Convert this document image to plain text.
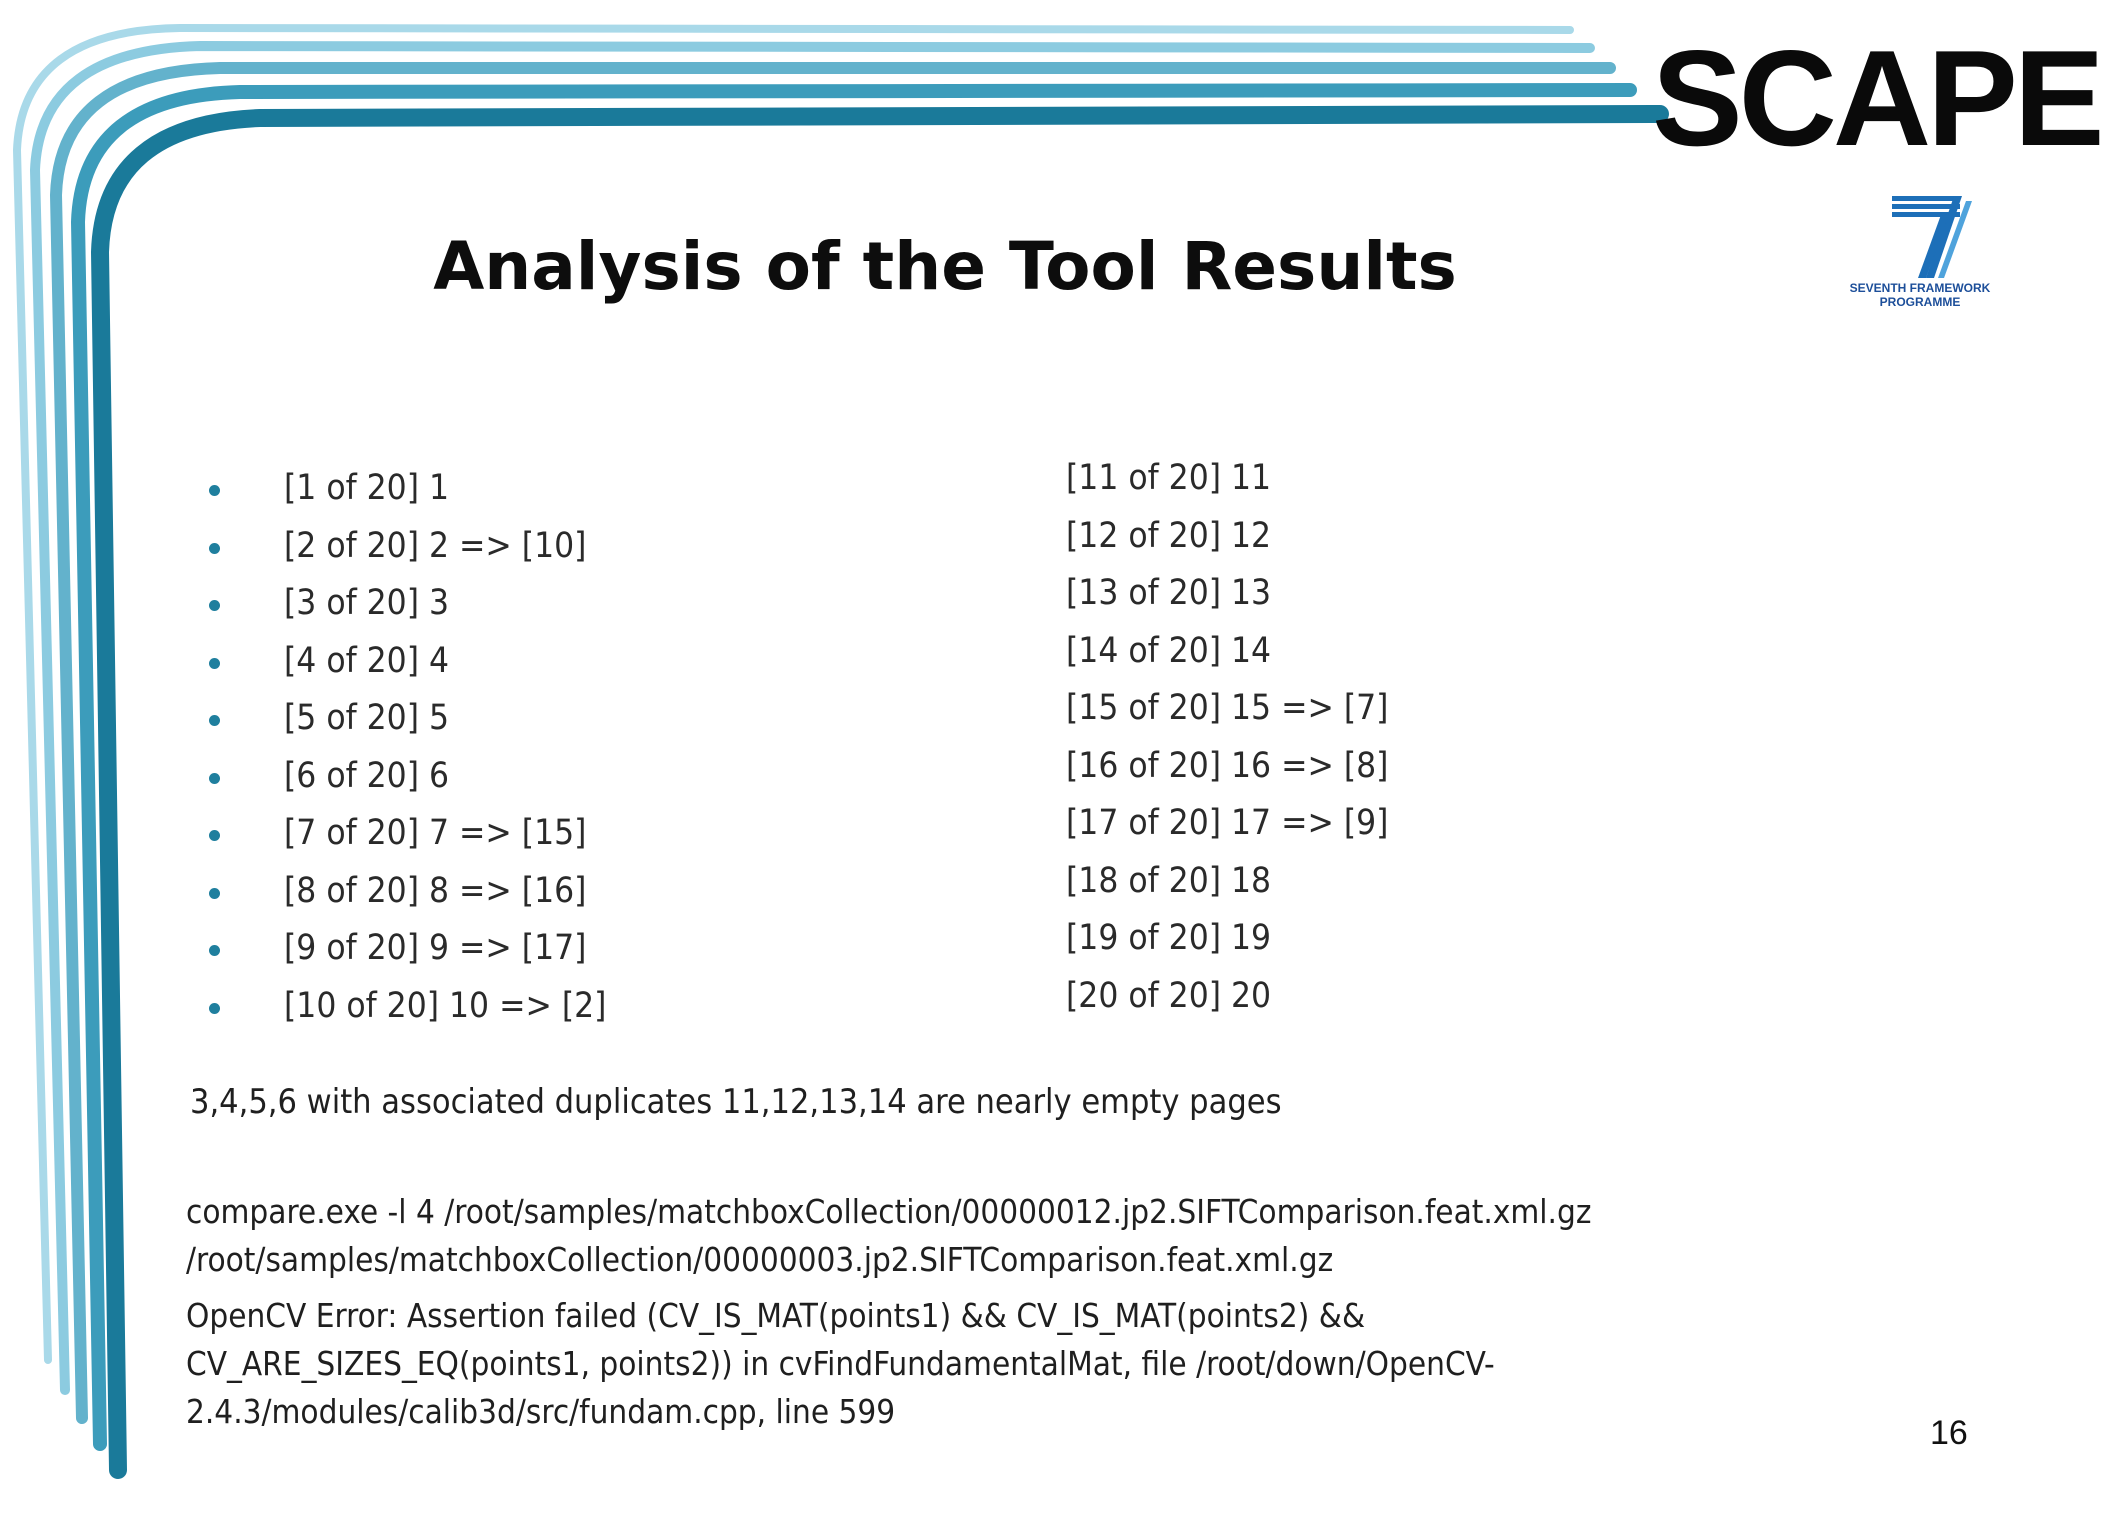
SCAPE
SEVENTH FRAMEWORK
PROGRAMME
Analysis of the Tool Results
[1 of 20] 1
[2 of 20] 2 => [10]
[3 of 20] 3
[4 of 20] 4
[5 of 20] 5
[6 of 20] 6
[7 of 20] 7 => [15]
[8 of 20] 8 => [16]
[9 of 20] 9 => [17]
[10 of 20] 10 => [2]
[11 of 20] 11
[12 of 20] 12
[13 of 20] 13
[14 of 20] 14
[15 of 20] 15 => [7]
[16 of 20] 16 => [8]
[17 of 20] 17 => [9]
[18 of 20] 18
[19 of 20] 19
[20 of 20] 20
3,4,5,6 with associated duplicates 11,12,13,14 are nearly empty pages
compare.exe -l 4 /root/samples/matchboxCollection/00000012.jp2.SIFTComparison.feat.xml.gz
/root/samples/matchboxCollection/00000003.jp2.SIFTComparison.feat.xml.gz
OpenCV Error: Assertion failed (CV_IS_MAT(points1) && CV_IS_MAT(points2) &&
CV_ARE_SIZES_EQ(points1, points2)) in cvFindFundamentalMat, file /root/down/OpenCV-
2.4.3/modules/calib3d/src/fundam.cpp, line 599
16
